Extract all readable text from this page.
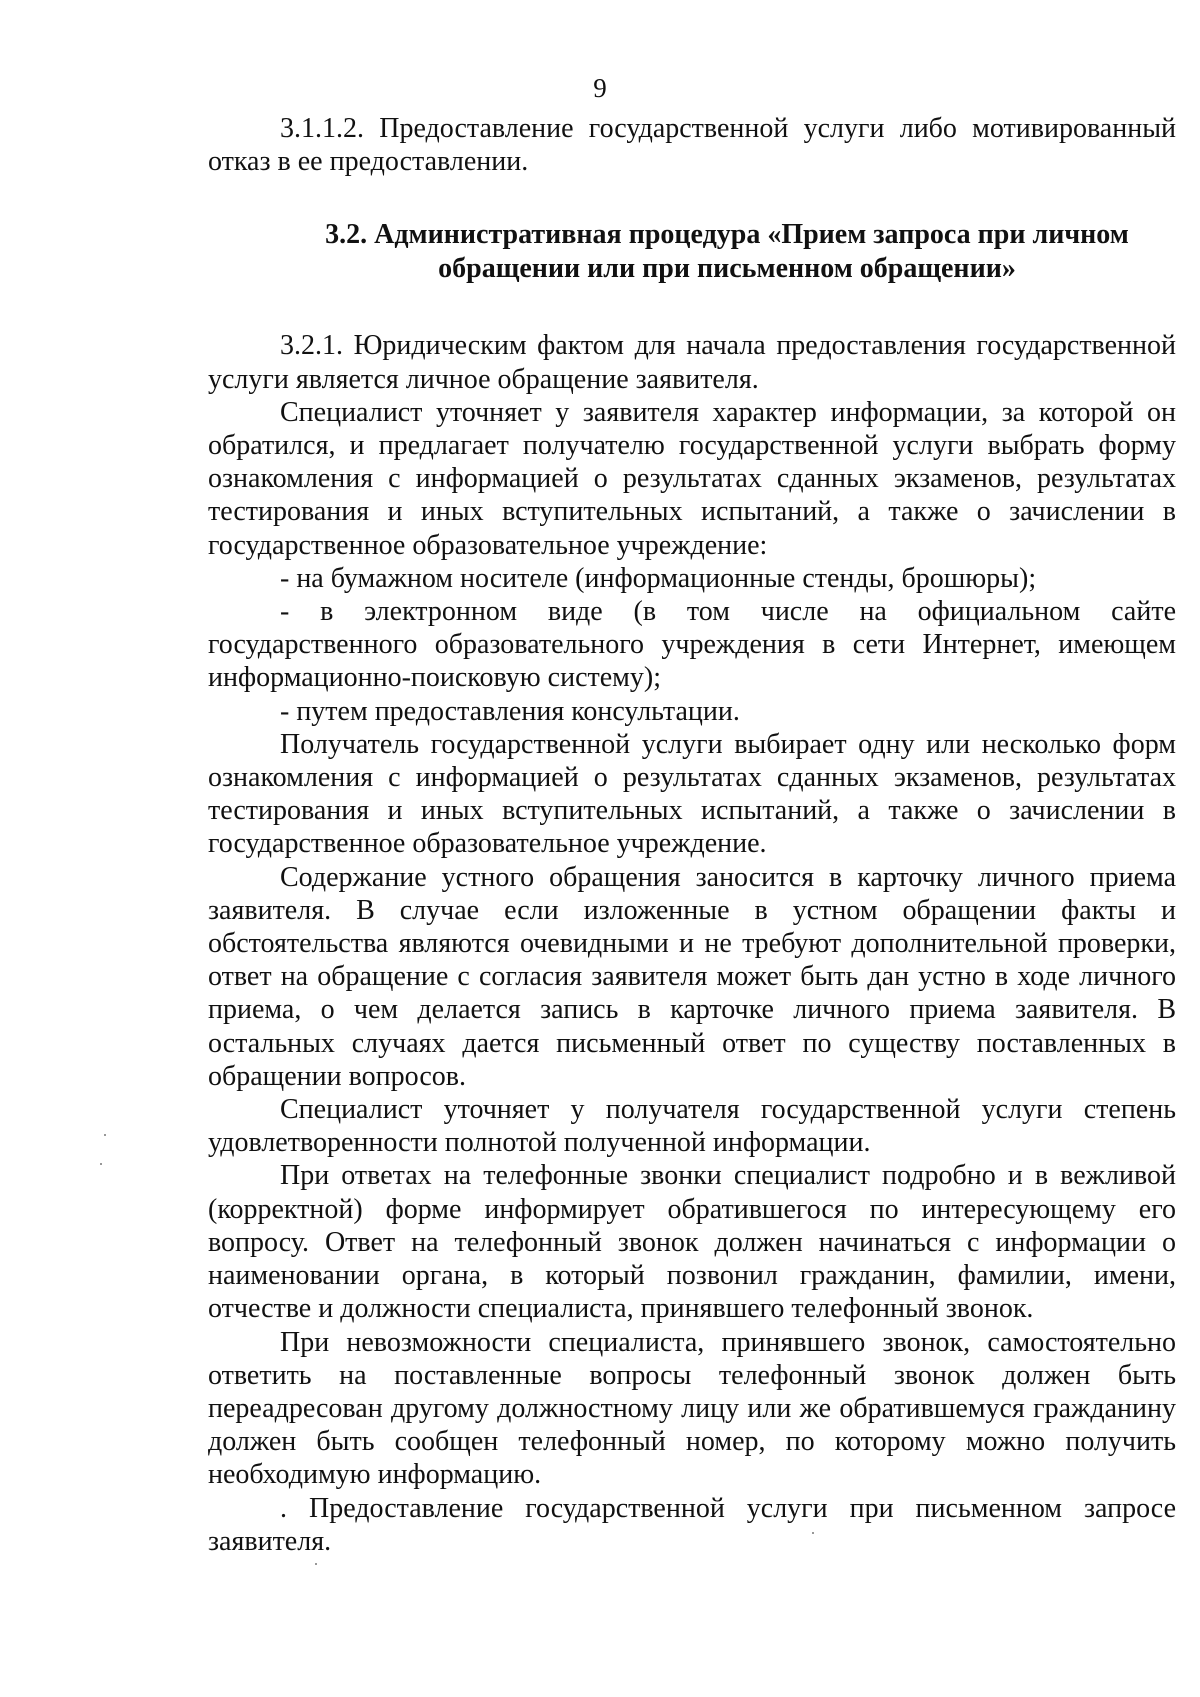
9

3.1.1.2. Предоставление государственной услуги либо мотивированный отказ в ее предоставлении.

3.2. Административная процедура «Прием запроса при личном
обращении или при письменном обращении»

3.2.1. Юридическим фактом для начала предоставления государственной услуги является личное обращение заявителя.

Специалист уточняет у заявителя характер информации, за которой он обратился, и предлагает получателю государственной услуги выбрать форму ознакомления с информацией о результатах сданных экзаменов, результатах тестирования и иных вступительных испытаний, а также о зачислении в государственное образовательное учреждение:

- на бумажном носителе (информационные стенды, брошюры);

- в электронном виде (в том числе на официальном сайте государственного образовательного учреждения в сети Интернет, имеющем информационно-поисковую систему);

- путем предоставления консультации.

Получатель государственной услуги выбирает одну или несколько форм ознакомления с информацией о результатах сданных экзаменов, результатах тестирования и иных вступительных испытаний, а также о зачислении в государственное образовательное учреждение.

Содержание устного обращения заносится в карточку личного приема заявителя. В случае если изложенные в устном обращении факты и обстоятельства являются очевидными и не требуют дополнительной проверки, ответ на обращение с согласия заявителя может быть дан устно в ходе личного приема, о чем делается запись в карточке личного приема заявителя. В остальных случаях дается письменный ответ по существу поставленных в обращении вопросов.

Специалист уточняет у получателя государственной услуги степень удовлетворенности полнотой полученной информации.

При ответах на телефонные звонки специалист подробно и в вежливой (корректной) форме информирует обратившегося по интересующему его вопросу. Ответ на телефонный звонок должен начинаться с информации о наименовании органа, в который позвонил гражданин, фамилии, имени, отчестве и должности специалиста, принявшего телефонный звонок.

При невозможности специалиста, принявшего звонок, самостоятельно ответить на поставленные вопросы телефонный звонок должен быть переадресован другому должностному лицу или же обратившемуся гражданину должен быть сообщен телефонный номер, по которому можно получить необходимую информацию.

. Предоставление государственной услуги при письменном запросе заявителя.
